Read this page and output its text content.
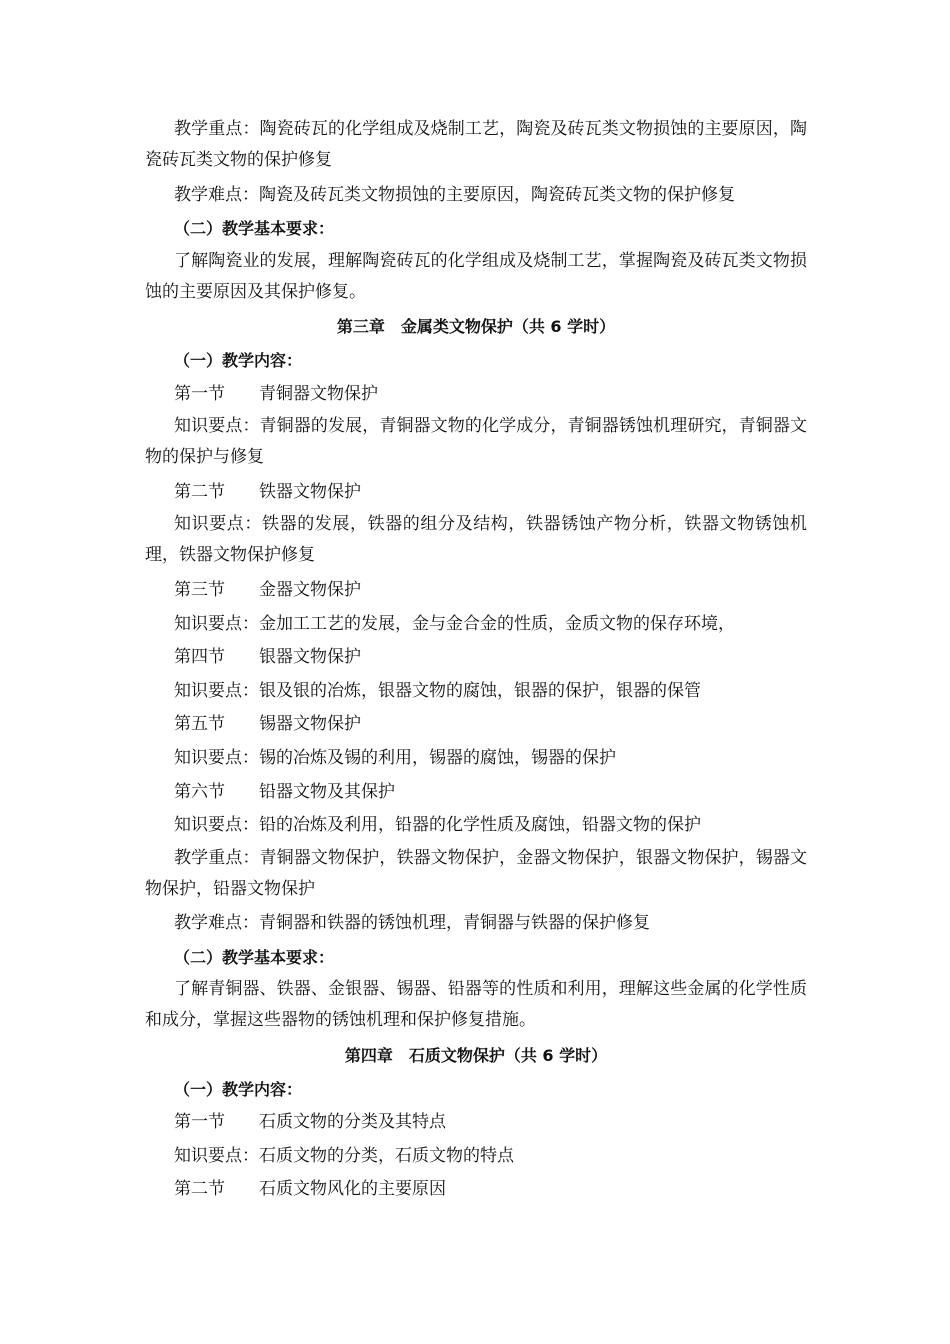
教学重点：陶瓷砖瓦的化学组成及烧制工艺，陶瓷及砖瓦类文物损蚀的主要原因，陶瓷砖瓦类文物的保护修复

教学难点：陶瓷及砖瓦类文物损蚀的主要原因，陶瓷砖瓦类文物的保护修复

（二）教学基本要求：

了解陶瓷业的发展，理解陶瓷砖瓦的化学组成及烧制工艺，掌握陶瓷及砖瓦类文物损蚀的主要原因及其保护修复。

第三章　金属类文物保护（共 6 学时）

（一）教学内容：

第一节 青铜器文物保护

知识要点：青铜器的发展，青铜器文物的化学成分，青铜器锈蚀机理研究，青铜器文物的保护与修复

第二节 铁器文物保护

知识要点：铁器的发展，铁器的组分及结构，铁器锈蚀产物分析，铁器文物锈蚀机理，铁器文物保护修复

第三节 金器文物保护

知识要点：金加工工艺的发展，金与金合金的性质，金质文物的保存环境，

第四节 银器文物保护

知识要点：银及银的冶炼，银器文物的腐蚀，银器的保护，银器的保管

第五节 锡器文物保护

知识要点：锡的冶炼及锡的利用，锡器的腐蚀，锡器的保护

第六节 铅器文物及其保护

知识要点：铅的冶炼及利用，铅器的化学性质及腐蚀，铅器文物的保护

教学重点：青铜器文物保护，铁器文物保护，金器文物保护，银器文物保护，锡器文物保护，铅器文物保护

教学难点：青铜器和铁器的锈蚀机理，青铜器与铁器的保护修复

（二）教学基本要求：

了解青铜器、铁器、金银器、锡器、铅器等的性质和利用，理解这些金属的化学性质和成分，掌握这些器物的锈蚀机理和保护修复措施。

第四章　石质文物保护（共 6 学时）

（一）教学内容：

第一节 石质文物的分类及其特点

知识要点：石质文物的分类，石质文物的特点

第二节 石质文物风化的主要原因
